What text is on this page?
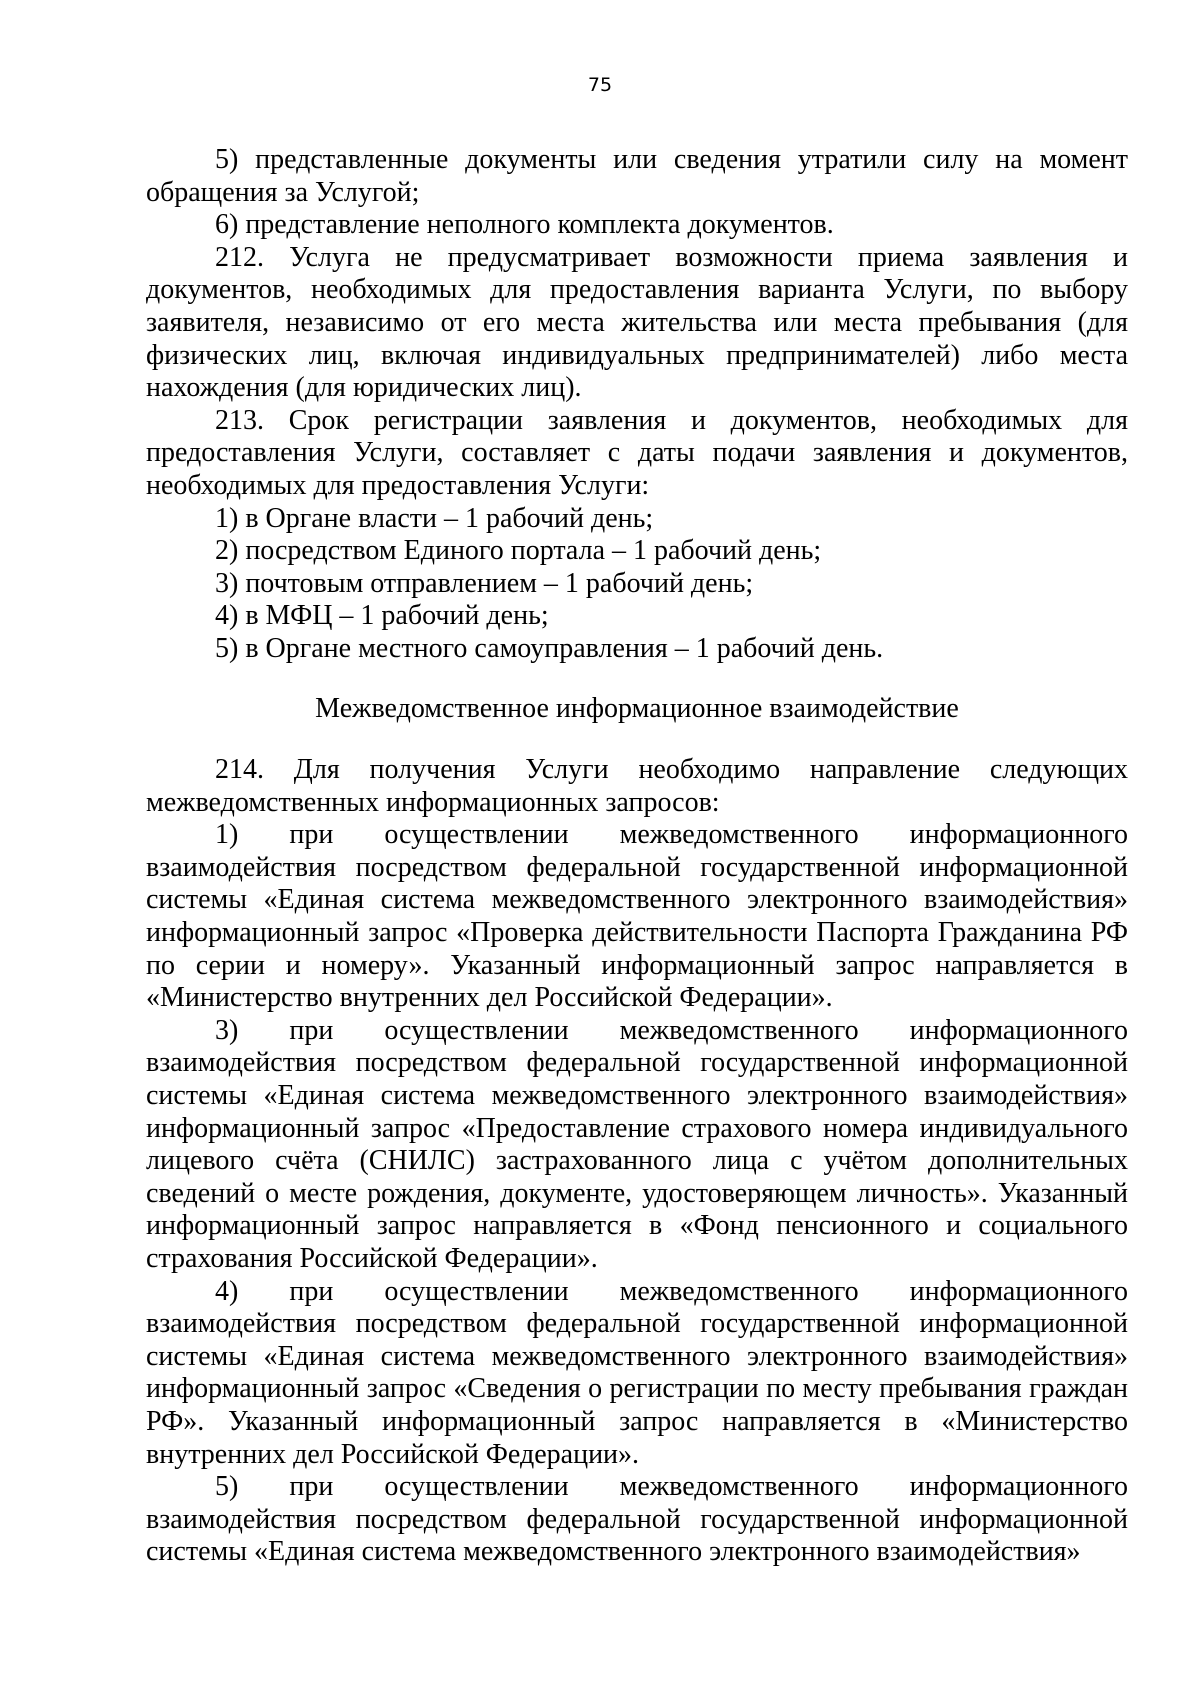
75

5) представленные документы или сведения утратили силу на момент обращения за Услугой;

6) представление неполного комплекта документов.

212. Услуга не предусматривает возможности приема заявления и документов, необходимых для предоставления варианта Услуги, по выбору заявителя, независимо от его места жительства или места пребывания (для физических лиц, включая индивидуальных предпринимателей) либо места нахождения (для юридических лиц).

213. Срок регистрации заявления и документов, необходимых для предоставления Услуги, составляет с даты подачи заявления и документов, необходимых для предоставления Услуги:

1) в Органе власти – 1 рабочий день;

2) посредством Единого портала – 1 рабочий день;

3) почтовым отправлением – 1 рабочий день;

4) в МФЦ – 1 рабочий день;

5) в Органе местного самоуправления – 1 рабочий день.

Межведомственное информационное взаимодействие

214. Для получения Услуги необходимо направление следующих межведомственных информационных запросов:

1) при осуществлении межведомственного информационного взаимодействия посредством федеральной государственной информационной системы «Единая система межведомственного электронного взаимодействия» информационный запрос «Проверка действительности Паспорта Гражданина РФ по серии и номеру». Указанный информационный запрос направляется в «Министерство внутренних дел Российской Федерации».

3) при осуществлении межведомственного информационного взаимодействия посредством федеральной государственной информационной системы «Единая система межведомственного электронного взаимодействия» информационный запрос «Предоставление страхового номера индивидуального лицевого счёта (СНИЛС) застрахованного лица с учётом дополнительных сведений о месте рождения, документе, удостоверяющем личность». Указанный информационный запрос направляется в «Фонд пенсионного и социального страхования Российской Федерации».

4) при осуществлении межведомственного информационного взаимодействия посредством федеральной государственной информационной системы «Единая система межведомственного электронного взаимодействия» информационный запрос «Сведения о регистрации по месту пребывания граждан РФ». Указанный информационный запрос направляется в «Министерство внутренних дел Российской Федерации».

5) при осуществлении межведомственного информационного взаимодействия посредством федеральной государственной информационной системы «Единая система межведомственного электронного взаимодействия»
